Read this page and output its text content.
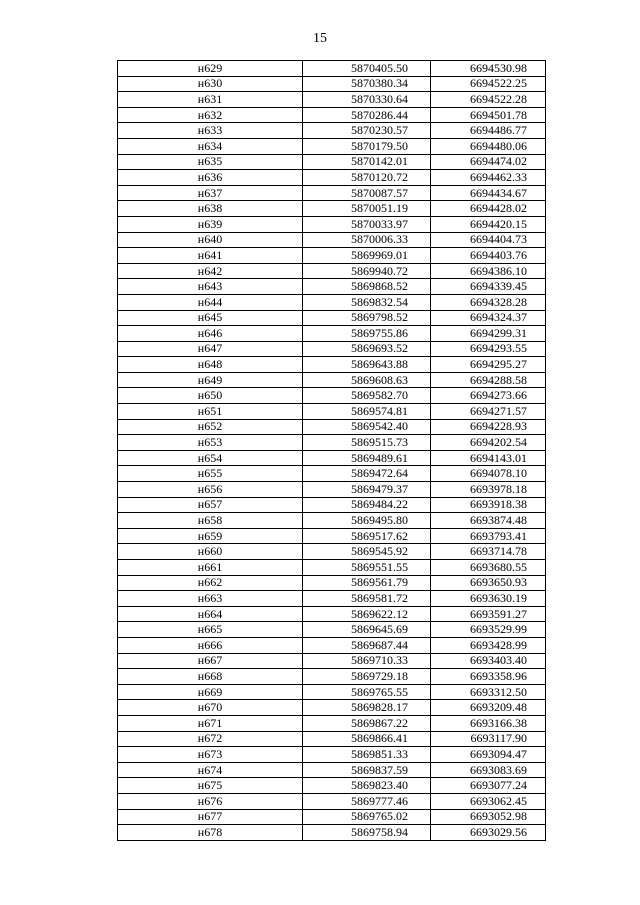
15
н629	5870405.50	6694530.98
н630	5870380.34	6694522.25
н631	5870330.64	6694522.28
н632	5870286.44	6694501.78
н633	5870230.57	6694486.77
н634	5870179.50	6694480.06
н635	5870142.01	6694474.02
н636	5870120.72	6694462.33
н637	5870087.57	6694434.67
н638	5870051.19	6694428.02
н639	5870033.97	6694420.15
н640	5870006.33	6694404.73
н641	5869969.01	6694403.76
н642	5869940.72	6694386.10
н643	5869868.52	6694339.45
н644	5869832.54	6694328.28
н645	5869798.52	6694324.37
н646	5869755.86	6694299.31
н647	5869693.52	6694293.55
н648	5869643.88	6694295.27
н649	5869608.63	6694288.58
н650	5869582.70	6694273.66
н651	5869574.81	6694271.57
н652	5869542.40	6694228.93
н653	5869515.73	6694202.54
н654	5869489.61	6694143.01
н655	5869472.64	6694078.10
н656	5869479.37	6693978.18
н657	5869484.22	6693918.38
н658	5869495.80	6693874.48
н659	5869517.62	6693793.41
н660	5869545.92	6693714.78
н661	5869551.55	6693680.55
н662	5869561.79	6693650.93
н663	5869581.72	6693630.19
н664	5869622.12	6693591.27
н665	5869645.69	6693529.99
н666	5869687.44	6693428.99
н667	5869710.33	6693403.40
н668	5869729.18	6693358.96
н669	5869765.55	6693312.50
н670	5869828.17	6693209.48
н671	5869867.22	6693166.38
н672	5869866.41	6693117.90
н673	5869851.33	6693094.47
н674	5869837.59	6693083.69
н675	5869823.40	6693077.24
н676	5869777.46	6693062.45
н677	5869765.02	6693052.98
н678	5869758.94	6693029.56
